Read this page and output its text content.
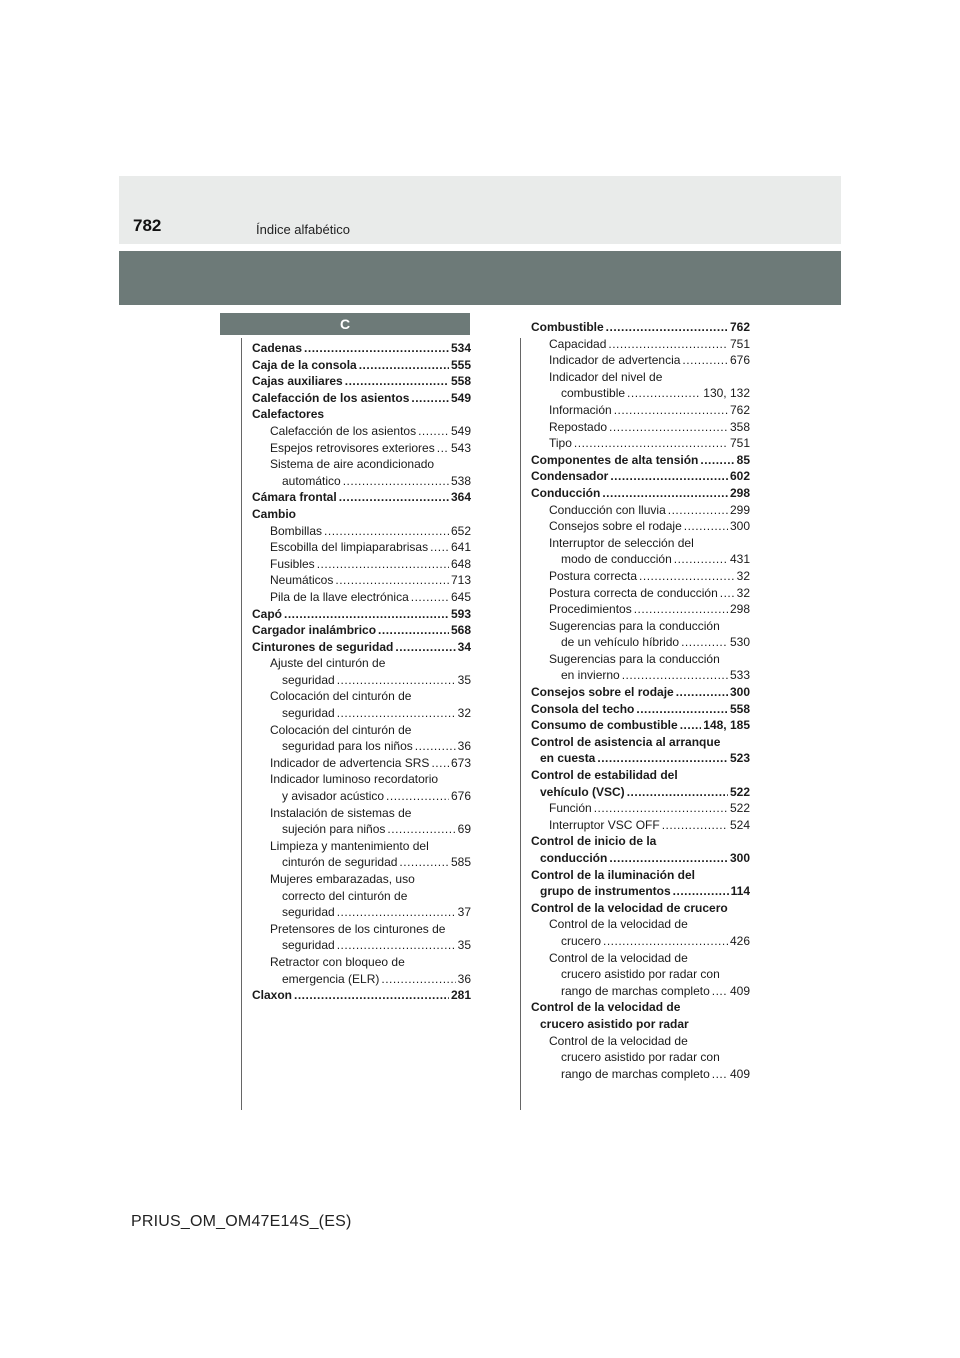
782	Índice alfabético
C
Cadenas .....	534
Caja de la consola .....	555
Cajas auxiliares .....	558
Calefacción de los asientos .....	549
Calefactores
Calefacción de los asientos .....	549
Espejos retrovisores exteriores ..... 543
Sistema de aire acondicionado
automático .....	538
Cámara frontal .....	364
Cambio
Bombillas .....	652
Escobilla del limpiaparabrisas ..... 641
Fusibles .....	648
Neumáticos .....	713
Pila de la llave electrónica .....	645
Capó .....	593
Cargador inalámbrico .....	568
Cinturones de seguridad .....	34
Ajuste del cinturón de
seguridad .....	35
Colocación del cinturón de
seguridad .....	32
Colocación del cinturón de
seguridad para los niños .....	36
Indicador de advertencia SRS ..... 673
Indicador luminoso recordatorio
y avisador acústico .....	676
Instalación de sistemas de
sujeción para niños .....	69
Limpieza y mantenimiento del
cinturón de seguridad .....	585
Mujeres embarazadas, uso
correcto del cinturón de
seguridad .....	37
Pretensores de los cinturones de
seguridad .....	35
Retractor con bloqueo de
emergencia (ELR) .....	36
Claxon .....	281
Combustible .....	762
Capacidad .....	751
Indicador de advertencia .....	676
Indicador del nivel de
combustible .....	130, 132
Información .....	762
Repostado .....	358
Tipo .....	751
Componentes de alta tensión .....	85
Condensador .....	602
Conducción .....	298
Conducción con lluvia .....	299
Consejos sobre el rodaje .....	300
Interruptor de selección del
modo de conducción .....	431
Postura correcta .....	32
Postura correcta de conducción ..... 32
Procedimientos .....	298
Sugerencias para la conducción
de un vehículo híbrido .....	530
Sugerencias para la conducción
en invierno .....	533
Consejos sobre el rodaje .....	300
Consola del techo .....	558
Consumo de combustible ..... 148, 185
Control de asistencia al arranque
en cuesta .....	523
Control de estabilidad del
vehículo (VSC) .....	522
Función .....	522
Interruptor VSC OFF .....	524
Control de inicio de la
conducción .....	300
Control de la iluminación del
grupo de instrumentos .....	114
Control de la velocidad de crucero
Control de la velocidad de
crucero .....	426
Control de la velocidad de
crucero asistido por radar con
rango de marchas completo ..... 409
Control de la velocidad de
crucero asistido por radar
Control de la velocidad de
crucero asistido por radar con
rango de marchas completo ..... 409
PRIUS_OM_OM47E14S_(ES)
